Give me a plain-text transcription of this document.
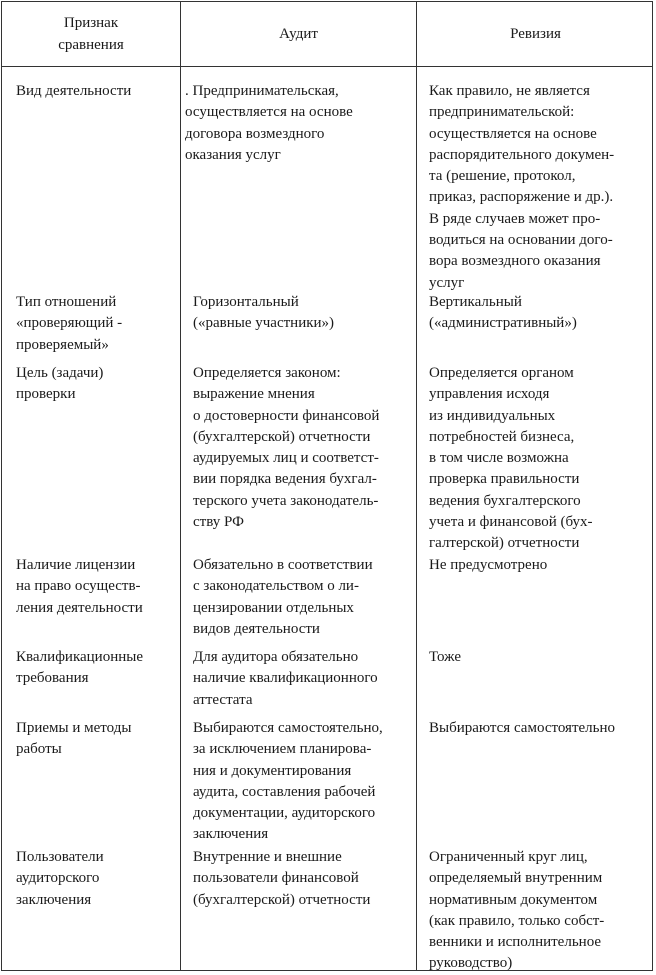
Признак
сравнения
Аудит	Ревизия
Вид деятельности	. Предпринимательская,
осуществляется на основе
договора возмездного
оказания услуг
Как правило, не является
предпринимательской:
осуществляется на основе
распорядительного докумен-
та (решение, протокол,
приказ, распоряжение и др.).
В ряде случаев может про-
водиться на основании дого-
вора возмездного оказания
услуг
Тип отношений
«проверяющий -
проверяемый»
Горизонтальный
(«равные участники»)
Вертикальный
(«административный»)
Цель (задачи)
проверки
Определяется законом:
выражение мнения
о достоверности финансовой
(бухгалтерской) отчетности
аудируемых лиц и соответст-
вии порядка ведения бухгал-
терского учета законодатель-
ству РФ
Определяется органом
управления исходя
из индивидуальных
потребностей бизнеса,
в том числе возможна
проверка правильности
ведения бухгалтерского
учета и финансовой (бух-
галтерской) отчетности
Наличие лицензии
на право осуществ-
ления деятельности
Обязательно в соответствии
с законодательством о ли-
цензировании отдельных
видов деятельности
Не предусмотрено
Квалификационные
требования
Для аудитора обязательно
наличие квалификационного
аттестата
Тоже
Приемы и методы
работы
Выбираются самостоятельно,
за исключением планирова-
ния и документирования
аудита, составления рабочей
документации, аудиторского
заключения
Выбираются самостоятельно
Пользователи
аудиторского
заключения
Внутренние и внешние
пользователи финансовой
(бухгалтерской) отчетности
Ограниченный круг лиц,
определяемый внутренним
нормативным документом
(как правило, только собст-
венники и исполнительное
руководство)
